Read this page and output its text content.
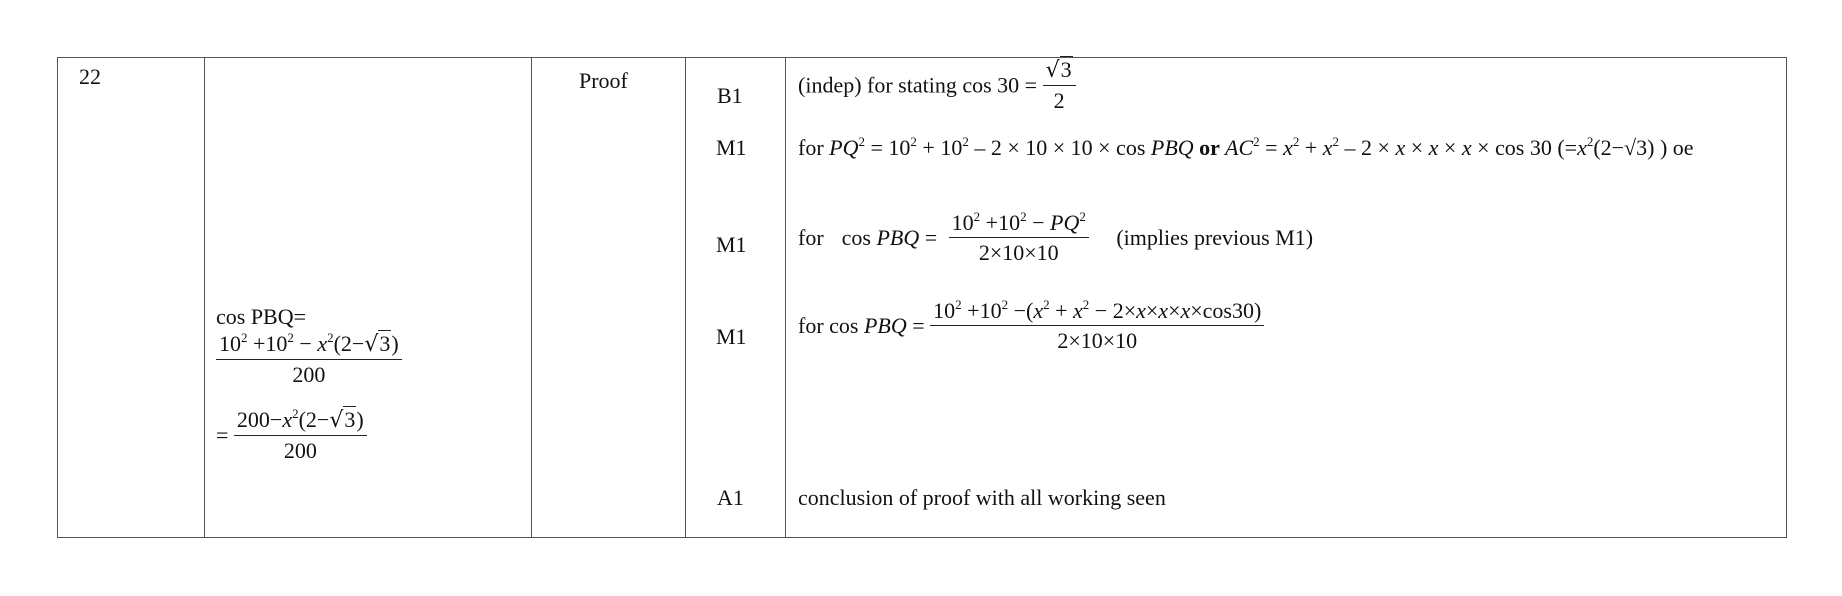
22
cos PBQ=
$\frac{10^2 +10^2 - x^2(2-√3)}{200}$
= $\frac{200-x^2(2-√3)}{200}$
Proof
B1
M1
M1
M1
A1
(indep) for stating $\cos 30 = \frac{√3}{2}$
for $PQ^2 = 10^2 + 10^2 - 2 \times 10 \times 10 \times \cos$ PBQ or $AC^2 = x^2 + x^2 - 2 \times x \times x \times x \times \cos 30$ ($=x^2(2-√3)$ ) oe
for cos PBQ = $\frac{10^2 +10^2 - PQ^2}{2\times 10\times 10}$ (implies previous M1)
for cos PBQ = $\frac{10^2 +10^2 -(x^2 + x^2 - 2\times x\times x\times x\times\cos 30)}{2\times 10\times 10}$
conclusion of proof with all working seen
